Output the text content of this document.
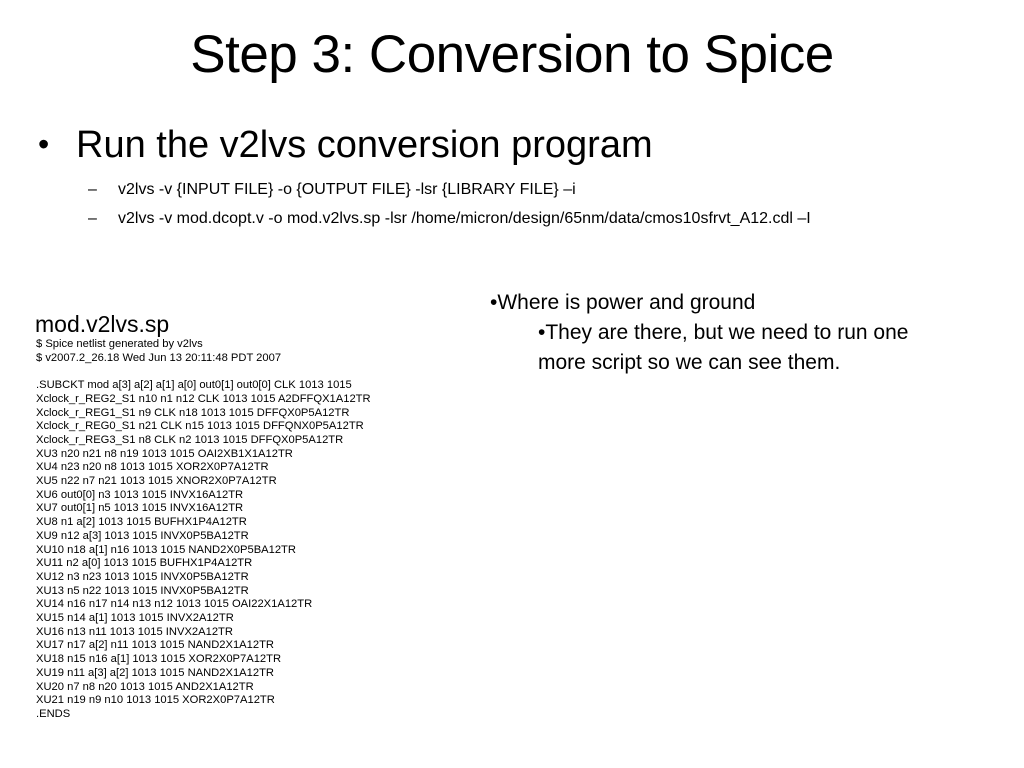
Step 3: Conversion to Spice
• Run the v2lvs conversion program
– v2lvs -v {INPUT FILE} -o {OUTPUT FILE} -lsr {LIBRARY FILE} –i
– v2lvs -v mod.dcopt.v -o mod.v2lvs.sp -lsr /home/micron/design/65nm/data/cmos10sfrvt_A12.cdl –I
mod.v2lvs.sp
$ Spice netlist generated by v2lvs
$ v2007.2_26.18 Wed Jun 13 20:11:48 PDT 2007
.SUBCKT mod a[3] a[2] a[1] a[0] out0[1] out0[0] CLK 1013 1015
Xclock_r_REG2_S1 n10 n1 n12 CLK 1013 1015 A2DFFQX1A12TR
Xclock_r_REG1_S1 n9 CLK n18 1013 1015 DFFQX0P5A12TR
Xclock_r_REG0_S1 n21 CLK n15 1013 1015 DFFQNX0P5A12TR
Xclock_r_REG3_S1 n8 CLK n2 1013 1015 DFFQX0P5A12TR
XU3 n20 n21 n8 n19 1013 1015 OAI2XB1X1A12TR
XU4 n23 n20 n8 1013 1015 XOR2X0P7A12TR
XU5 n22 n7 n21 1013 1015 XNOR2X0P7A12TR
XU6 out0[0] n3 1013 1015 INVX16A12TR
XU7 out0[1] n5 1013 1015 INVX16A12TR
XU8 n1 a[2] 1013 1015 BUFHX1P4A12TR
XU9 n12 a[3] 1013 1015 INVX0P5BA12TR
XU10 n18 a[1] n16 1013 1015 NAND2X0P5BA12TR
XU11 n2 a[0] 1013 1015 BUFHX1P4A12TR
XU12 n3 n23 1013 1015 INVX0P5BA12TR
XU13 n5 n22 1013 1015 INVX0P5BA12TR
XU14 n16 n17 n14 n13 n12 1013 1015 OAI22X1A12TR
XU15 n14 a[1] 1013 1015 INVX2A12TR
XU16 n13 n11 1013 1015 INVX2A12TR
XU17 n17 a[2] n11 1013 1015 NAND2X1A12TR
XU18 n15 n16 a[1] 1013 1015 XOR2X0P7A12TR
XU19 n11 a[3] a[2] 1013 1015 NAND2X1A12TR
XU20 n7 n8 n20 1013 1015 AND2X1A12TR
XU21 n19 n9 n10 1013 1015 XOR2X0P7A12TR
.ENDS
•Where is power and ground
•They are there, but we need to run one
more script so we can see them.
